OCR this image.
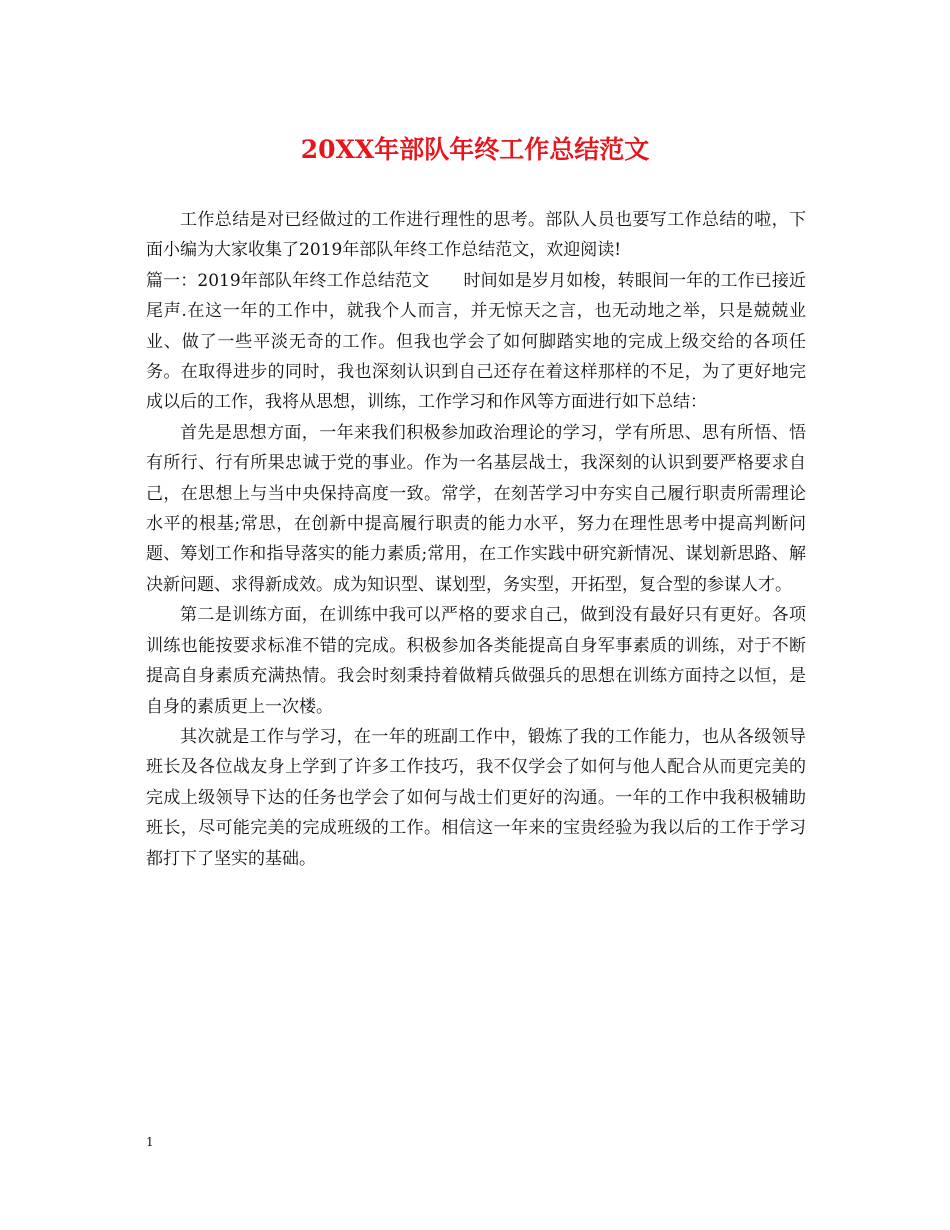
20XX年部队年终工作总结范文

工作总结是对已经做过的工作进行理性的思考。部队人员也要写工作总结的啦，下面小编为大家收集了2019年部队年终工作总结范文，欢迎阅读!

篇一：2019年部队年终工作总结范文　　时间如是岁月如梭，转眼间一年的工作已接近尾声.在这一年的工作中，就我个人而言，并无惊天之言，也无动地之举，只是兢兢业业、做了一些平淡无奇的工作。但我也学会了如何脚踏实地的完成上级交给的各项任务。在取得进步的同时，我也深刻认识到自己还存在着这样那样的不足，为了更好地完成以后的工作，我将从思想，训练，工作学习和作风等方面进行如下总结：

首先是思想方面，一年来我们积极参加政治理论的学习，学有所思、思有所悟、悟有所行、行有所果忠诚于党的事业。作为一名基层战士，我深刻的认识到要严格要求自己，在思想上与当中央保持高度一致。常学，在刻苦学习中夯实自己履行职责所需理论水平的根基;常思，在创新中提高履行职责的能力水平，努力在理性思考中提高判断问题、筹划工作和指导落实的能力素质;常用，在工作实践中研究新情况、谋划新思路、解决新问题、求得新成效。成为知识型、谋划型，务实型，开拓型，复合型的参谋人才。

第二是训练方面，在训练中我可以严格的要求自己，做到没有最好只有更好。各项训练也能按要求标准不错的完成。积极参加各类能提高自身军事素质的训练，对于不断提高自身素质充满热情。我会时刻秉持着做精兵做强兵的思想在训练方面持之以恒，是自身的素质更上一次楼。

其次就是工作与学习，在一年的班副工作中，锻炼了我的工作能力，也从各级领导班长及各位战友身上学到了许多工作技巧，我不仅学会了如何与他人配合从而更完美的完成上级领导下达的任务也学会了如何与战士们更好的沟通。一年的工作中我积极辅助班长，尽可能完美的完成班级的工作。相信这一年来的宝贵经验为我以后的工作于学习都打下了坚实的基础。

1
